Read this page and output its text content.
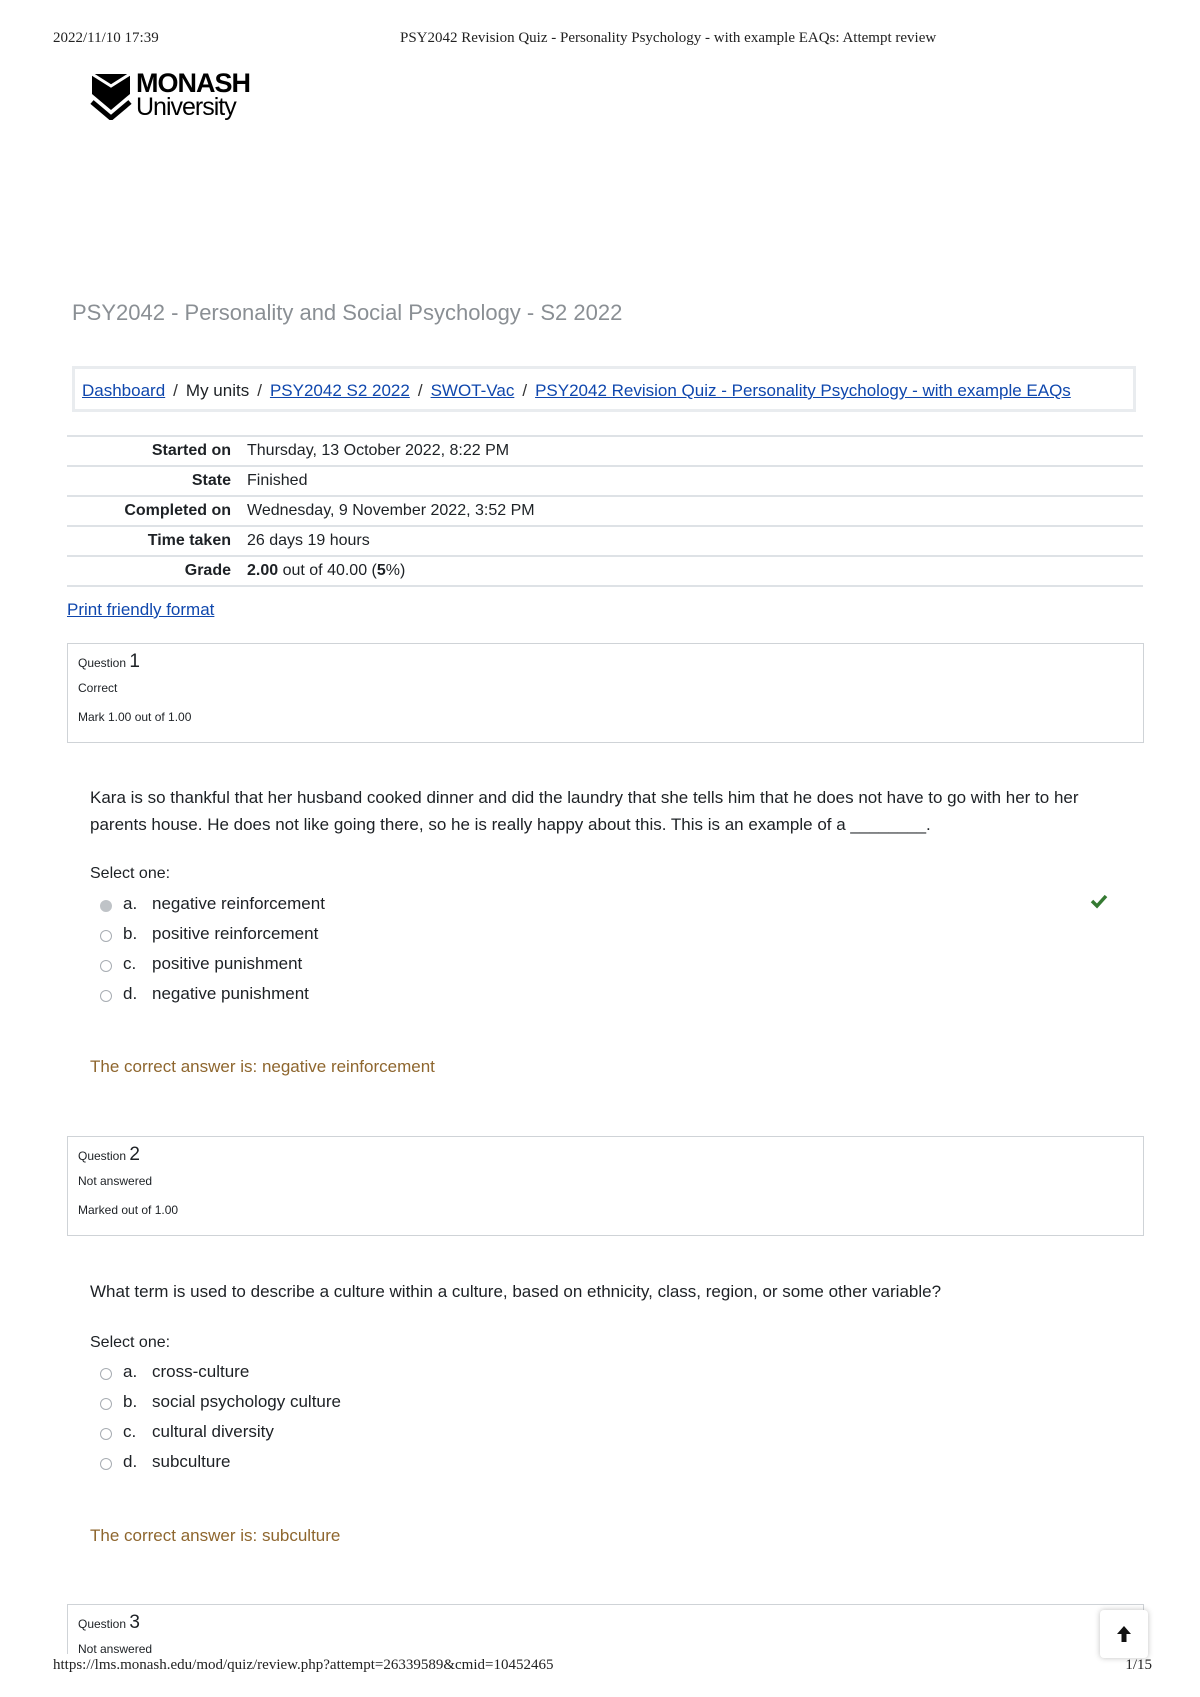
2022/11/10 17:39	PSY2042 Revision Quiz - Personality Psychology - with example EAQs: Attempt review
MONASH
University
PSY2042 - Personality and Social Psychology - S2 2022
Dashboard / My units / PSY2042 S2 2022 / SWOT-Vac / PSY2042 Revision Quiz - Personality Psychology - with example EAQs
Started on	Thursday, 13 October 2022, 8:22 PM
State	Finished
Completed on	Wednesday, 9 November 2022, 3:52 PM
Time taken	26 days 19 hours
Grade	2.00 out of 40.00 (5%)
Print friendly format
Question 1
Correct
Mark 1.00 out of 1.00

Kara is so thankful that her husband cooked dinner and did the laundry that she tells him that he does not have to go with her to her parents house. He does not like going there, so he is really happy about this. This is an example of a ________.

Select one:

a. negative reinforcement
b. positive reinforcement
c. positive punishment
d. negative punishment

The correct answer is: negative reinforcement

Question 2
Not answered
Marked out of 1.00

What term is used to describe a culture within a culture, based on ethnicity, class, region, or some other variable?

Select one:

a. cross-culture
b. social psychology culture
c. cultural diversity
d. subculture

The correct answer is: subculture

Question 3
Not answered
https://lms.monash.edu/mod/quiz/review.php?attempt=26339589&cmid=10452465	1/15
